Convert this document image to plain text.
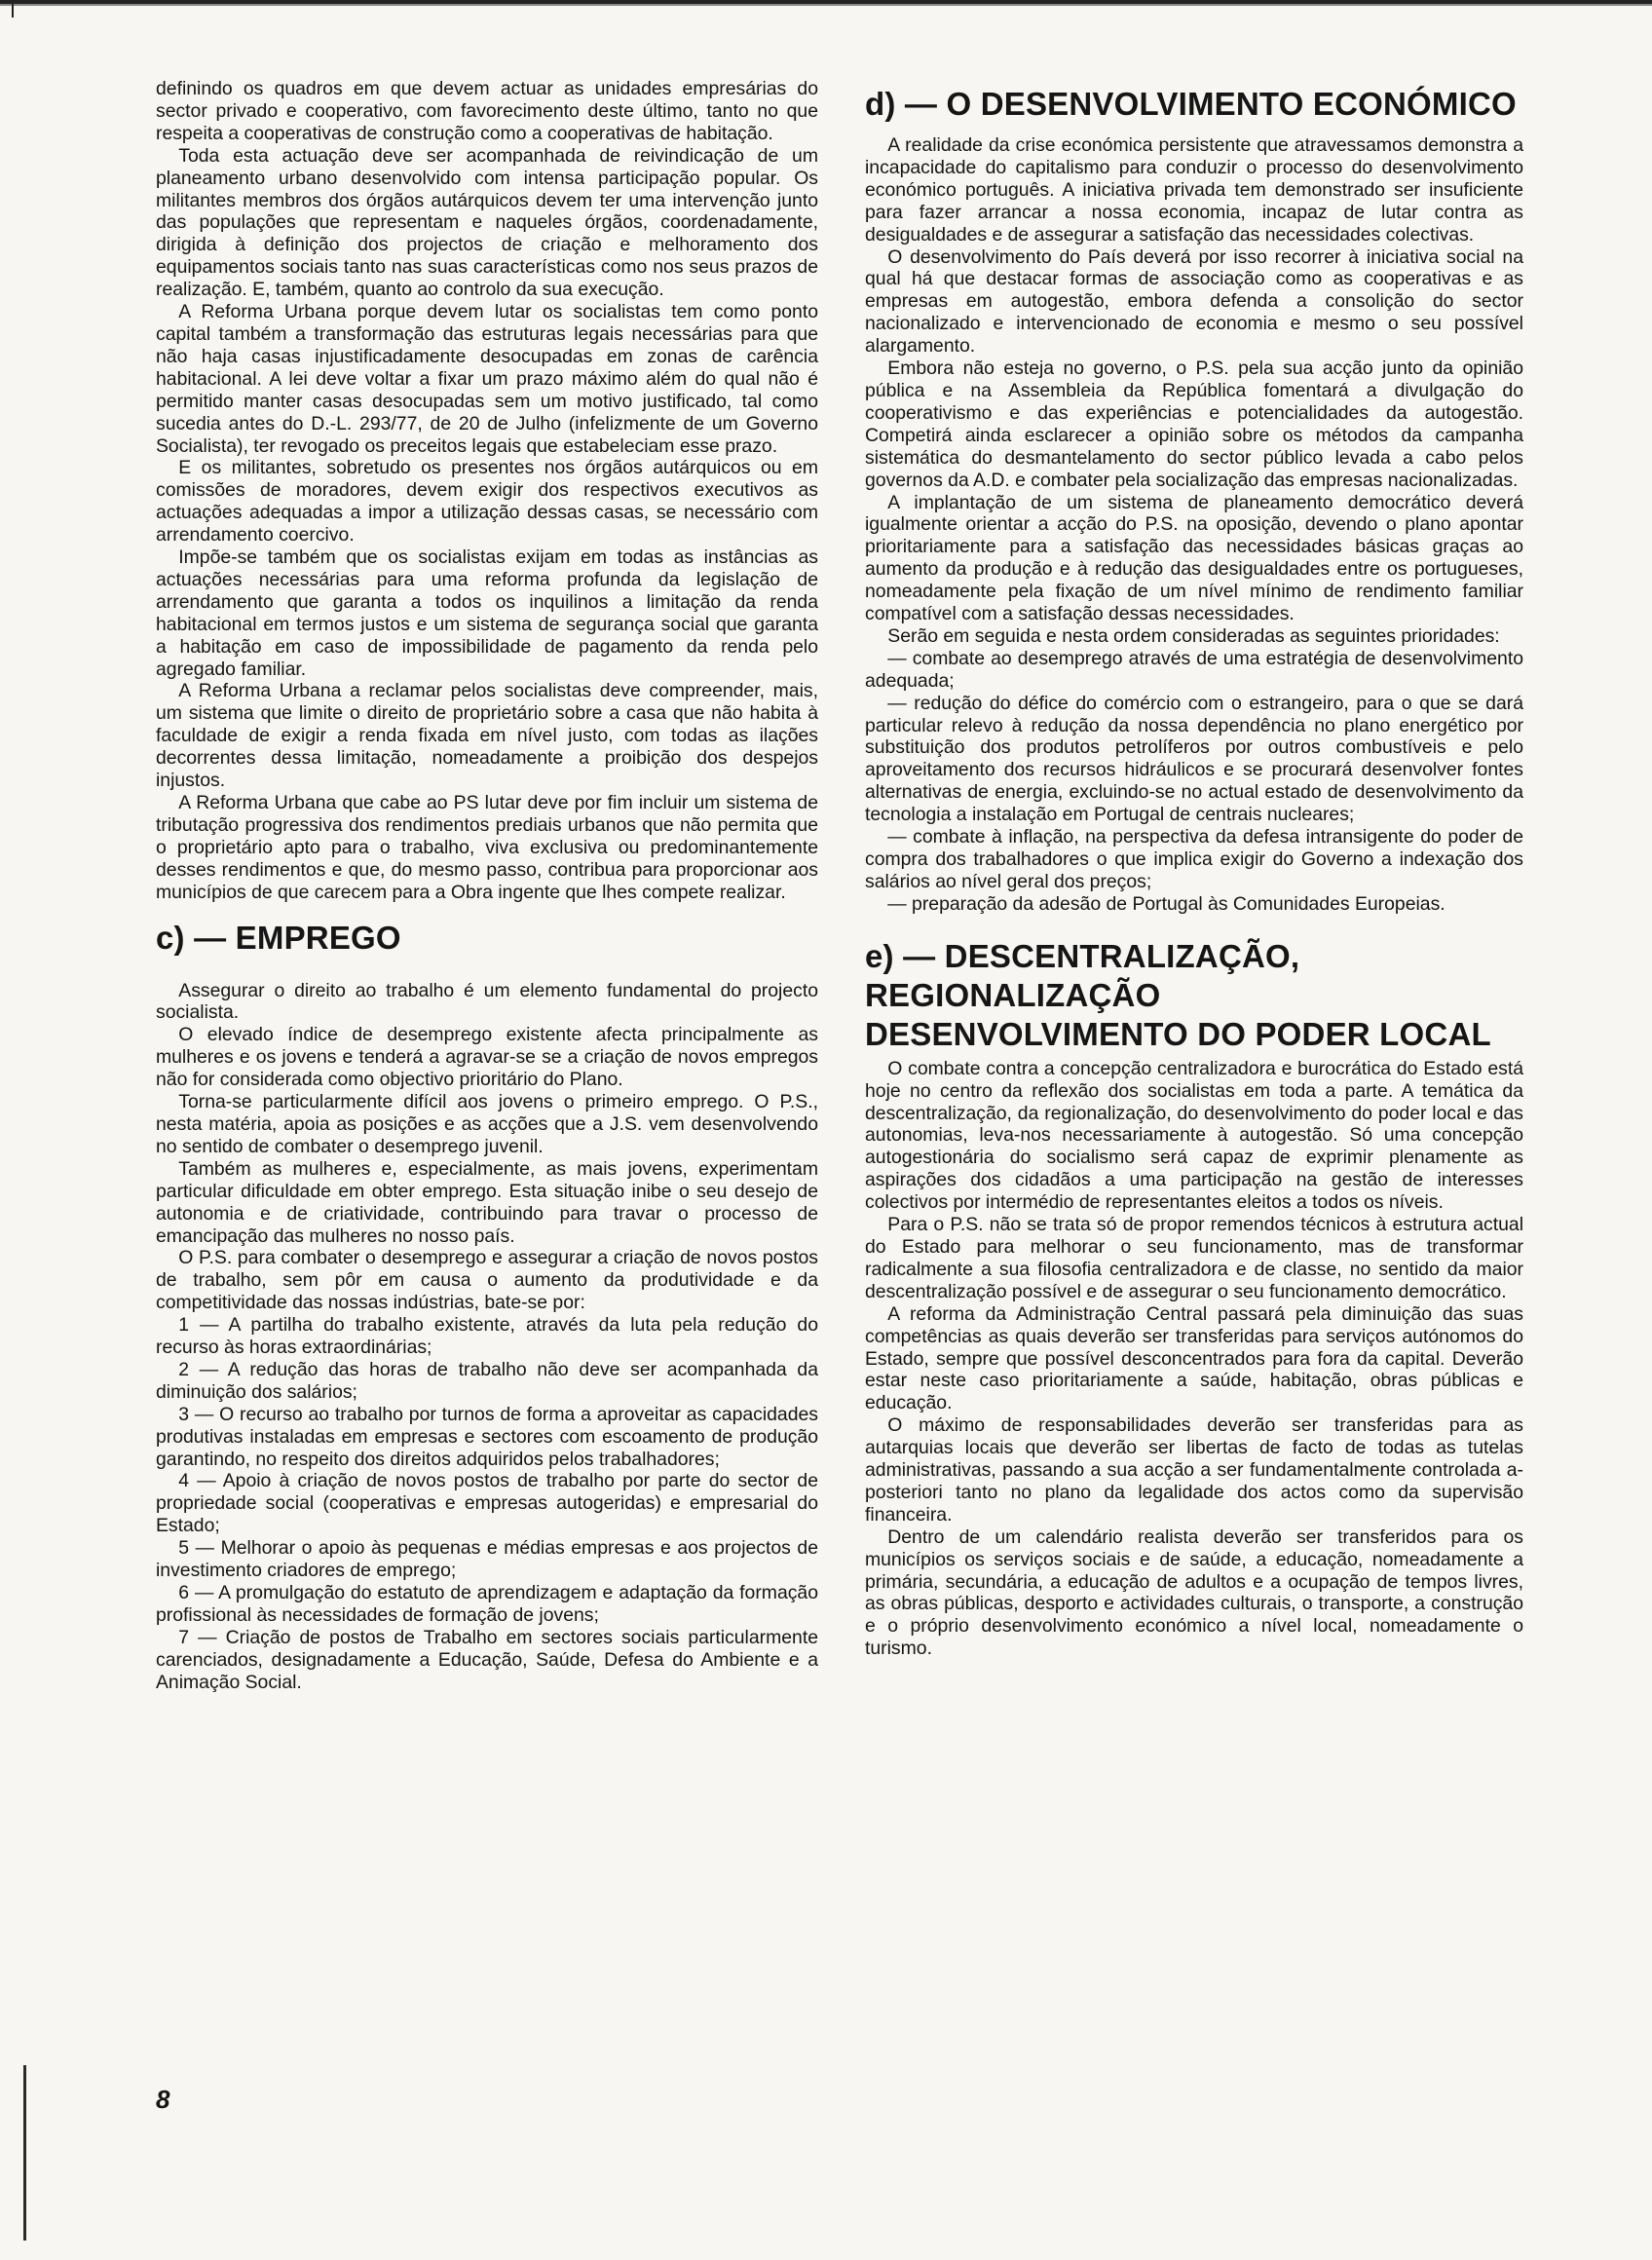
definindo os quadros em que devem actuar as unidades empresárias do sector privado e cooperativo, com favorecimento deste último, tanto no que respeita a cooperativas de construção como a cooperativas de habitação.

Toda esta actuação deve ser acompanhada de reivindicação de um planeamento urbano desenvolvido com intensa participação popular. Os militantes membros dos órgãos autárquicos devem ter uma intervenção junto das populações que representam e naqueles órgãos, coordenadamente, dirigida à definição dos projectos de criação e melhoramento dos equipamentos sociais tanto nas suas características como nos seus prazos de realização. E, também, quanto ao controlo da sua execução.

A Reforma Urbana porque devem lutar os socialistas tem como ponto capital também a transformação das estruturas legais necessárias para que não haja casas injustificadamente desocupadas em zonas de carência habitacional. A lei deve voltar a fixar um prazo máximo além do qual não é permitido manter casas desocupadas sem um motivo justificado, tal como sucedia antes do D.-L. 293/77, de 20 de Julho (infelizmente de um Governo Socialista), ter revogado os preceitos legais que estabeleciam esse prazo.

E os militantes, sobretudo os presentes nos órgãos autárquicos ou em comissões de moradores, devem exigir dos respectivos executivos as actuações adequadas a impor a utilização dessas casas, se necessário com arrendamento coercivo.

Impõe-se também que os socialistas exijam em todas as instâncias as actuações necessárias para uma reforma profunda da legislação de arrendamento que garanta a todos os inquilinos a limitação da renda habitacional em termos justos e um sistema de segurança social que garanta a habitação em caso de impossibilidade de pagamento da renda pelo agregado familiar.

A Reforma Urbana a reclamar pelos socialistas deve compreender, mais, um sistema que limite o direito de proprietário sobre a casa que não habita à faculdade de exigir a renda fixada em nível justo, com todas as ilações decorrentes dessa limitação, nomeadamente a proibição dos despejos injustos.

A Reforma Urbana que cabe ao PS lutar deve por fim incluir um sistema de tributação progressiva dos rendimentos prediais urbanos que não permita que o proprietário apto para o trabalho, viva exclusiva ou predominantemente desses rendimentos e que, do mesmo passo, contribua para proporcionar aos municípios de que carecem para a Obra ingente que lhes compete realizar.

c) — EMPREGO

Assegurar o direito ao trabalho é um elemento fundamental do projecto socialista.

O elevado índice de desemprego existente afecta principalmente as mulheres e os jovens e tenderá a agravar-se se a criação de novos empregos não for considerada como objectivo prioritário do Plano.

Torna-se particularmente difícil aos jovens o primeiro emprego. O P.S., nesta matéria, apoia as posições e as acções que a J.S. vem desenvolvendo no sentido de combater o desemprego juvenil.

Também as mulheres e, especialmente, as mais jovens, experimentam particular dificuldade em obter emprego. Esta situação inibe o seu desejo de autonomia e de criatividade, contribuindo para travar o processo de emancipação das mulheres no nosso país.

O P.S. para combater o desemprego e assegurar a criação de novos postos de trabalho, sem pôr em causa o aumento da produtividade e da competitividade das nossas indústrias, bate-se por:

1 — A partilha do trabalho existente, através da luta pela redução do recurso às horas extraordinárias;

2 — A redução das horas de trabalho não deve ser acompanhada da diminuição dos salários;

3 — O recurso ao trabalho por turnos de forma a aproveitar as capacidades produtivas instaladas em empresas e sectores com escoamento de produção garantindo, no respeito dos direitos adquiridos pelos trabalhadores;

4 — Apoio à criação de novos postos de trabalho por parte do sector de propriedade social (cooperativas e empresas autogeridas) e empresarial do Estado;

5 — Melhorar o apoio às pequenas e médias empresas e aos projectos de investimento criadores de emprego;

6 — A promulgação do estatuto de aprendizagem e adaptação da formação profissional às necessidades de formação de jovens;

7 — Criação de postos de Trabalho em sectores sociais particularmente carenciados, designadamente a Educação, Saúde, Defesa do Ambiente e a Animação Social.

8
d) — O DESENVOLVIMENTO ECONÓMICO

A realidade da crise económica persistente que atravessamos demonstra a incapacidade do capitalismo para conduzir o processo do desenvolvimento económico português. A iniciativa privada tem demonstrado ser insuficiente para fazer arrancar a nossa economia, incapaz de lutar contra as desigualdades e de assegurar a satisfação das necessidades colectivas.

O desenvolvimento do País deverá por isso recorrer à iniciativa social na qual há que destacar formas de associação como as cooperativas e as empresas em autogestão, embora defenda a consolição do sector nacionalizado e intervencionado de economia e mesmo o seu possível alargamento.

Embora não esteja no governo, o P.S. pela sua acção junto da opinião pública e na Assembleia da República fomentará a divulgação do cooperativismo e das experiências e potencialidades da autogestão. Competirá ainda esclarecer a opinião sobre os métodos da campanha sistemática do desmantelamento do sector público levada a cabo pelos governos da A.D. e combater pela socialização das empresas nacionalizadas.

A implantação de um sistema de planeamento democrático deverá igualmente orientar a acção do P.S. na oposição, devendo o plano apontar prioritariamente para a satisfação das necessidades básicas graças ao aumento da produção e à redução das desigualdades entre os portugueses, nomeadamente pela fixação de um nível mínimo de rendimento familiar compatível com a satisfação dessas necessidades.

Serão em seguida e nesta ordem consideradas as seguintes prioridades:

— combate ao desemprego através de uma estratégia de desenvolvimento adequada;

— redução do défice do comércio com o estrangeiro, para o que se dará particular relevo à redução da nossa dependência no plano energético por substituição dos produtos petrolíferos por outros combustíveis e pelo aproveitamento dos recursos hidráulicos e se procurará desenvolver fontes alternativas de energia, excluindo-se no actual estado de desenvolvimento da tecnologia a instalação em Portugal de centrais nucleares;

— combate à inflação, na perspectiva da defesa intransigente do poder de compra dos trabalhadores o que implica exigir do Governo a indexação dos salários ao nível geral dos preços;

— preparação da adesão de Portugal às Comunidades Europeias.

e) — DESCENTRALIZAÇÃO,
REGIONALIZAÇÃO
DESENVOLVIMENTO DO PODER LOCAL

O combate contra a concepção centralizadora e burocrática do Estado está hoje no centro da reflexão dos socialistas em toda a parte. A temática da descentralização, da regionalização, do desenvolvimento do poder local e das autonomias, leva-nos necessariamente à autogestão. Só uma concepção autogestionária do socialismo será capaz de exprimir plenamente as aspirações dos cidadãos a uma participação na gestão de interesses colectivos por intermédio de representantes eleitos a todos os níveis.

Para o P.S. não se trata só de propor remendos técnicos à estrutura actual do Estado para melhorar o seu funcionamento, mas de transformar radicalmente a sua filosofia centralizadora e de classe, no sentido da maior descentralização possível e de assegurar o seu funcionamento democrático.

A reforma da Administração Central passará pela diminuição das suas competências as quais deverão ser transferidas para serviços autónomos do Estado, sempre que possível desconcentrados para fora da capital. Deverão estar neste caso prioritariamente a saúde, habitação, obras públicas e educação.

O máximo de responsabilidades deverão ser transferidas para as autarquias locais que deverão ser libertas de facto de todas as tutelas administrativas, passando a sua acção a ser fundamentalmente controlada a-posteriori tanto no plano da legalidade dos actos como da supervisão financeira.

Dentro de um calendário realista deverão ser transferidos para os municípios os serviços sociais e de saúde, a educação, nomeadamente a primária, secundária, a educação de adultos e a ocupação de tempos livres, as obras públicas, desporto e actividades culturais, o transporte, a construção e o próprio desenvolvimento económico a nível local, nomeadamente o turismo.
